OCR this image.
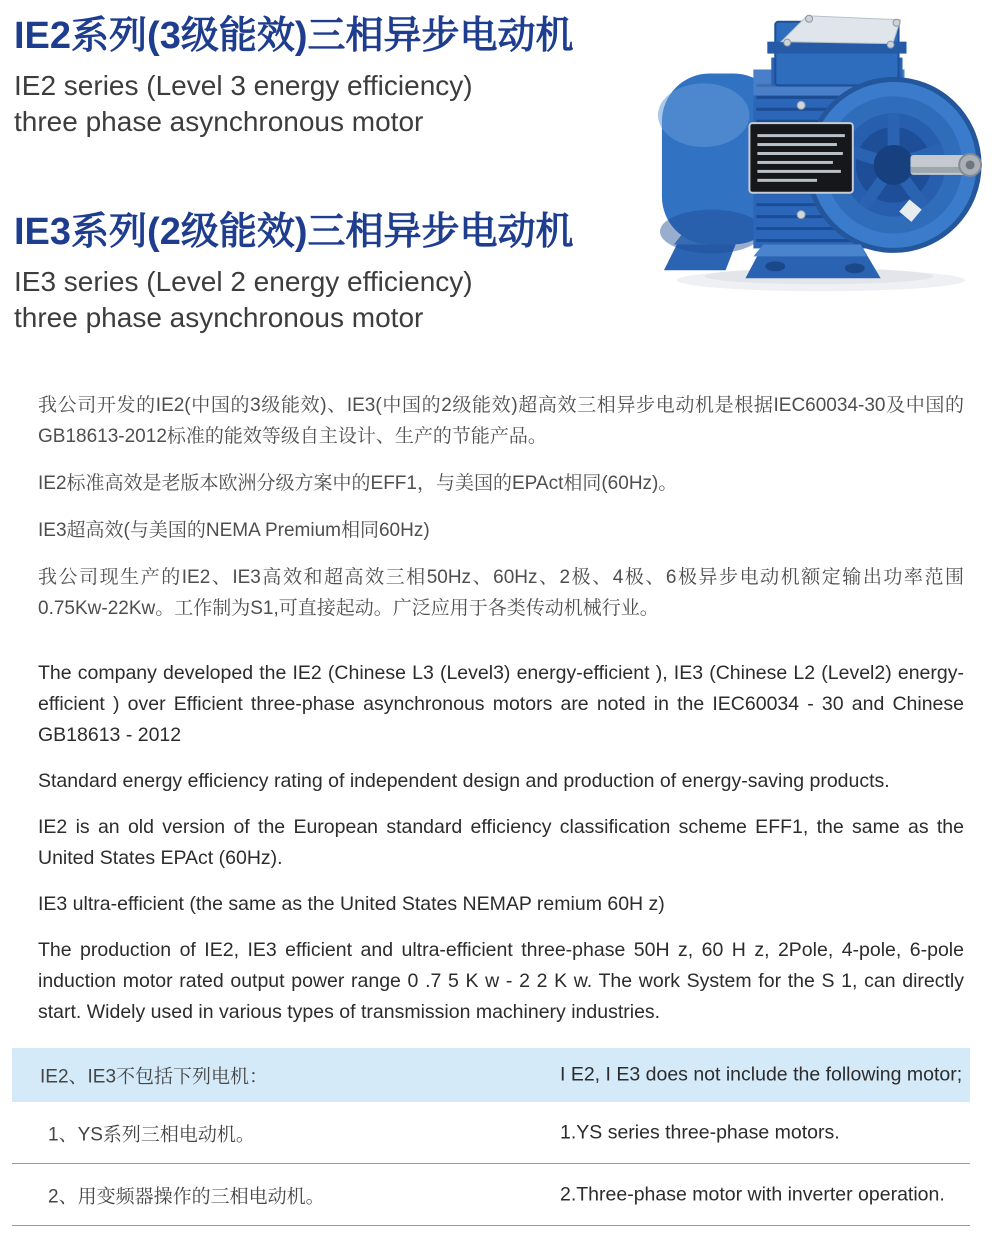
IE2系列(3级能效)三相异步电动机
IE2 series (Level 3 energy efficiency)
three phase asynchronous motor
IE3系列(2级能效)三相异步电动机
IE3 series (Level 2 energy efficiency)
three phase asynchronous motor

我公司开发的IE2(中国的3级能效)、IE3(中国的2级能效)超高效三相异步电动机是根据IEC60034-30及中国的GB18613-2012标准的能效等级自主设计、生产的节能产品。

IE2标准高效是老版本欧洲分级方案中的EFF1，与美国的EPAct相同(60Hz)。

IE3超高效(与美国的NEMA Premium相同60Hz)

我公司现生产的IE2、IE3高效和超高效三相50Hz、60Hz、2极、4极、6极异步电动机额定输出功率范围0.75Kw-22Kw。工作制为S1,可直接起动。广泛应用于各类传动机械行业。

The company developed the IE2 (Chinese L3 (Level3) energy-efficient ), IE3 (Chinese L2 (Level2) energy-efficient ) over Efficient three-phase asynchronous motors are noted in the IEC60034 - 30 and Chinese GB18613 - 2012

Standard energy efficiency rating of independent design and production of energy-saving products.

IE2 is an old version of the European standard efficiency classification scheme EFF1, the same as the United States EPAct (60Hz).

IE3 ultra-efficient (the same as the United States NEMAP remium 60H z)

The production of IE2, IE3 efficient and ultra-efficient three-phase 50H z, 60 H z, 2Pole, 4-pole, 6-pole induction motor rated output power range 0 .7 5 K w - 2 2 K w. The work System for the S 1, can directly start. Widely used in various types of transmission machinery industries.

IE2、IE3不包括下列电机：	I E2, I E3 does not include the following motor;
1、YS系列三相电动机。	1.YS series three-phase motors.
2、用变频器操作的三相电动机。	2.Three-phase motor with inverter operation.
